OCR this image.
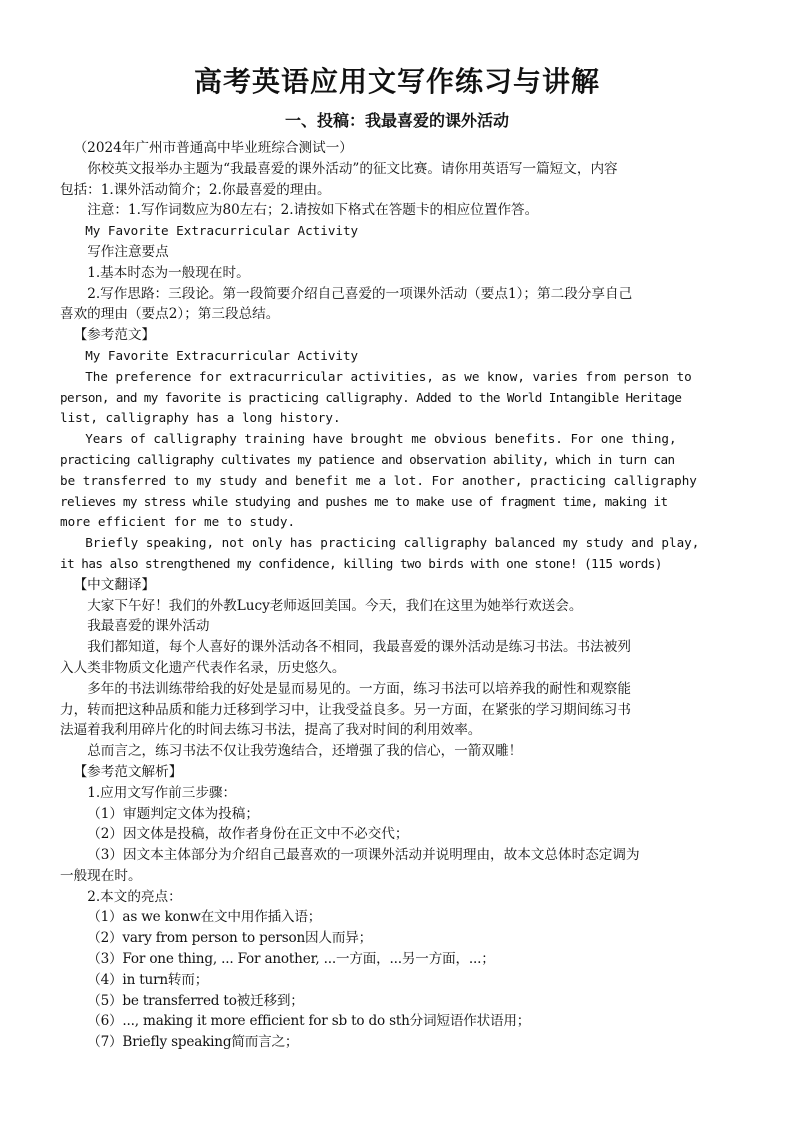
高考英语应用文写作练习与讲解
一、投稿：我最喜爱的课外活动

（2024年广州市普通高中毕业班综合测试一）

你校英文报举办主题为“我最喜爱的课外活动”的征文比赛。请你用英语写一篇短文，内容

包括：1.课外活动简介；2.你最喜爱的理由。

注意：1.写作词数应为80左右；2.请按如下格式在答题卡的相应位置作答。

My Favorite Extracurricular Activity

写作注意要点

1.基本时态为一般现在时。

2.写作思路：三段论。第一段简要介绍自己喜爱的一项课外活动（要点1）；第二段分享自己

喜欢的理由（要点2）；第三段总结。

【参考范文】

My Favorite Extracurricular Activity

The preference for extracurricular activities, as we know, varies from person to

person, and my favorite is practicing calligraphy. Added to the World Intangible Heritage

list, calligraphy has a long history.

Years of calligraphy training have brought me obvious benefits. For one thing,

practicing calligraphy cultivates my patience and observation ability, which in turn can

be transferred to my study and benefit me a lot. For another, practicing calligraphy

relieves my stress while studying and pushes me to make use of fragment time, making it

more efficient for me to study.

Briefly speaking, not only has practicing calligraphy balanced my study and play,

it has also strengthened my confidence, killing two birds with one stone! (115 words)

【中文翻译】

大家下午好！我们的外教Lucy老师返回美国。今天，我们在这里为她举行欢送会。

我最喜爱的课外活动

我们都知道，每个人喜好的课外活动各不相同，我最喜爱的课外活动是练习书法。书法被列

入人类非物质文化遗产代表作名录，历史悠久。

多年的书法训练带给我的好处是显而易见的。一方面，练习书法可以培养我的耐性和观察能

力，转而把这种品质和能力迁移到学习中，让我受益良多。另一方面，在紧张的学习期间练习书

法逼着我利用碎片化的时间去练习书法，提高了我对时间的利用效率。

总而言之，练习书法不仅让我劳逸结合，还增强了我的信心，一箭双雕！

【参考范文解析】

1.应用文写作前三步骤：

（1）审题判定文体为投稿；

（2）因文体是投稿，故作者身份在正文中不必交代；

（3）因文本主体部分为介绍自己最喜欢的一项课外活动并说明理由，故本文总体时态定调为

一般现在时。

2.本文的亮点：

（1）as we konw在文中用作插入语；

（2）vary from person to person因人而异；

（3）For one thing, ... For another, ...一方面，...另一方面，...；

（4）in turn转而；

（5）be transferred to被迁移到；

（6）..., making it more efficient for sb to do sth分词短语作状语用；

（7）Briefly speaking简而言之；
